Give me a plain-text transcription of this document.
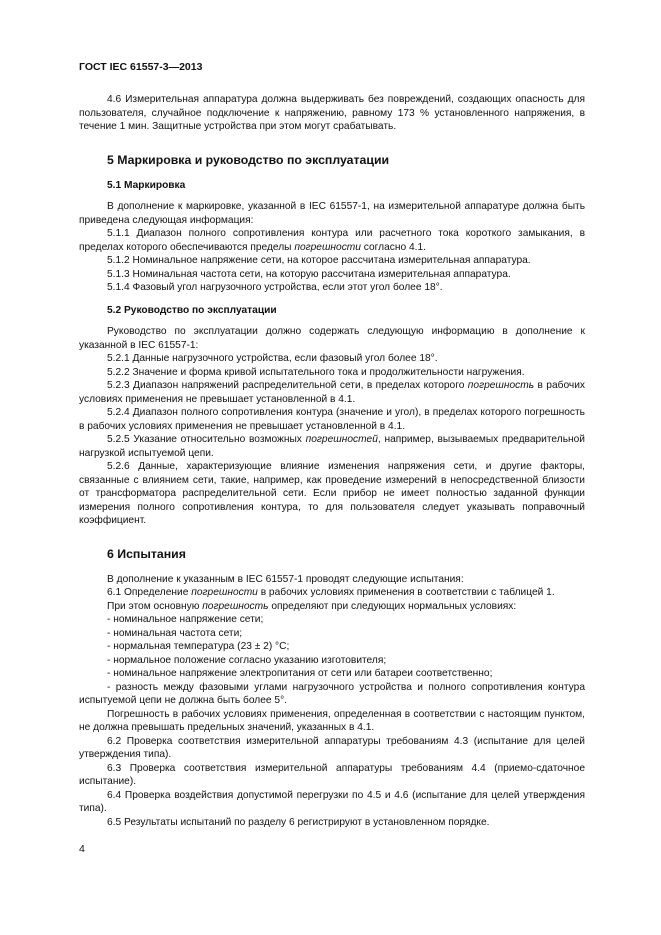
ГОСТ IEC 61557-3—2013

4.6 Измерительная аппаратура должна выдерживать без повреждений, создающих опасность для пользователя, случайное подключение к напряжению, равному 173 % установленного напряжения, в течение 1 мин. Защитные устройства при этом могут срабатывать.

5 Маркировка и руководство по эксплуатации
5.1 Маркировка

В дополнение к маркировке, указанной в IEC 61557-1, на измерительной аппаратуре должна быть приведена следующая информация:

5.1.1 Диапазон полного сопротивления контура или расчетного тока короткого замыкания, в пределах которого обеспечиваются пределы погрешности согласно 4.1.

5.1.2 Номинальное напряжение сети, на которое рассчитана измерительная аппаратура.

5.1.3 Номинальная частота сети, на которую рассчитана измерительная аппаратура.

5.1.4 Фазовый угол нагрузочного устройства, если этот угол более 18°.

5.2 Руководство по эксплуатации

Руководство по эксплуатации должно содержать следующую информацию в дополнение к указанной в IEC 61557-1:

5.2.1 Данные нагрузочного устройства, если фазовый угол более 18°.

5.2.2 Значение и форма кривой испытательного тока и продолжительности нагружения.

5.2.3 Диапазон напряжений распределительной сети, в пределах которого погрешность в рабочих условиях применения не превышает установленной в 4.1.

5.2.4 Диапазон полного сопротивления контура (значение и угол), в пределах которого погрешность в рабочих условиях применения не превышает установленной в 4.1.

5.2.5 Указание относительно возможных погрешностей, например, вызываемых предварительной нагрузкой испытуемой цепи.

5.2.6 Данные, характеризующие влияние изменения напряжения сети, и другие факторы, связанные с влиянием сети, такие, например, как проведение измерений в непосредственной близости от трансформатора распределительной сети. Если прибор не имеет полностью заданной функции измерения полного сопротивления контура, то для пользователя следует указывать поправочный коэффициент.

6 Испытания

В дополнение к указанным в IEC 61557-1 проводят следующие испытания:

6.1 Определение погрешности в рабочих условиях применения в соответствии с таблицей 1.

При этом основную погрешность определяют при следующих нормальных условиях:

- номинальное напряжение сети;

- номинальная частота сети;

- нормальная температура (23 ± 2) °C;

- нормальное положение согласно указанию изготовителя;

- номинальное напряжение электропитания от сети или батареи соответственно;

- разность между фазовыми углами нагрузочного устройства и полного сопротивления контура испытуемой цепи не должна быть более 5°.

Погрешность в рабочих условиях применения, определенная в соответствии с настоящим пунктом, не должна превышать предельных значений, указанных в 4.1.

6.2 Проверка соответствия измерительной аппаратуры требованиям 4.3 (испытание для целей утверждения типа).

6.3 Проверка соответствия измерительной аппаратуры требованиям 4.4 (приемо-сдаточное испытание).

6.4 Проверка воздействия допустимой перегрузки по 4.5 и 4.6 (испытание для целей утверждения типа).

6.5 Результаты испытаний по разделу 6 регистрируют в установленном порядке.

4
